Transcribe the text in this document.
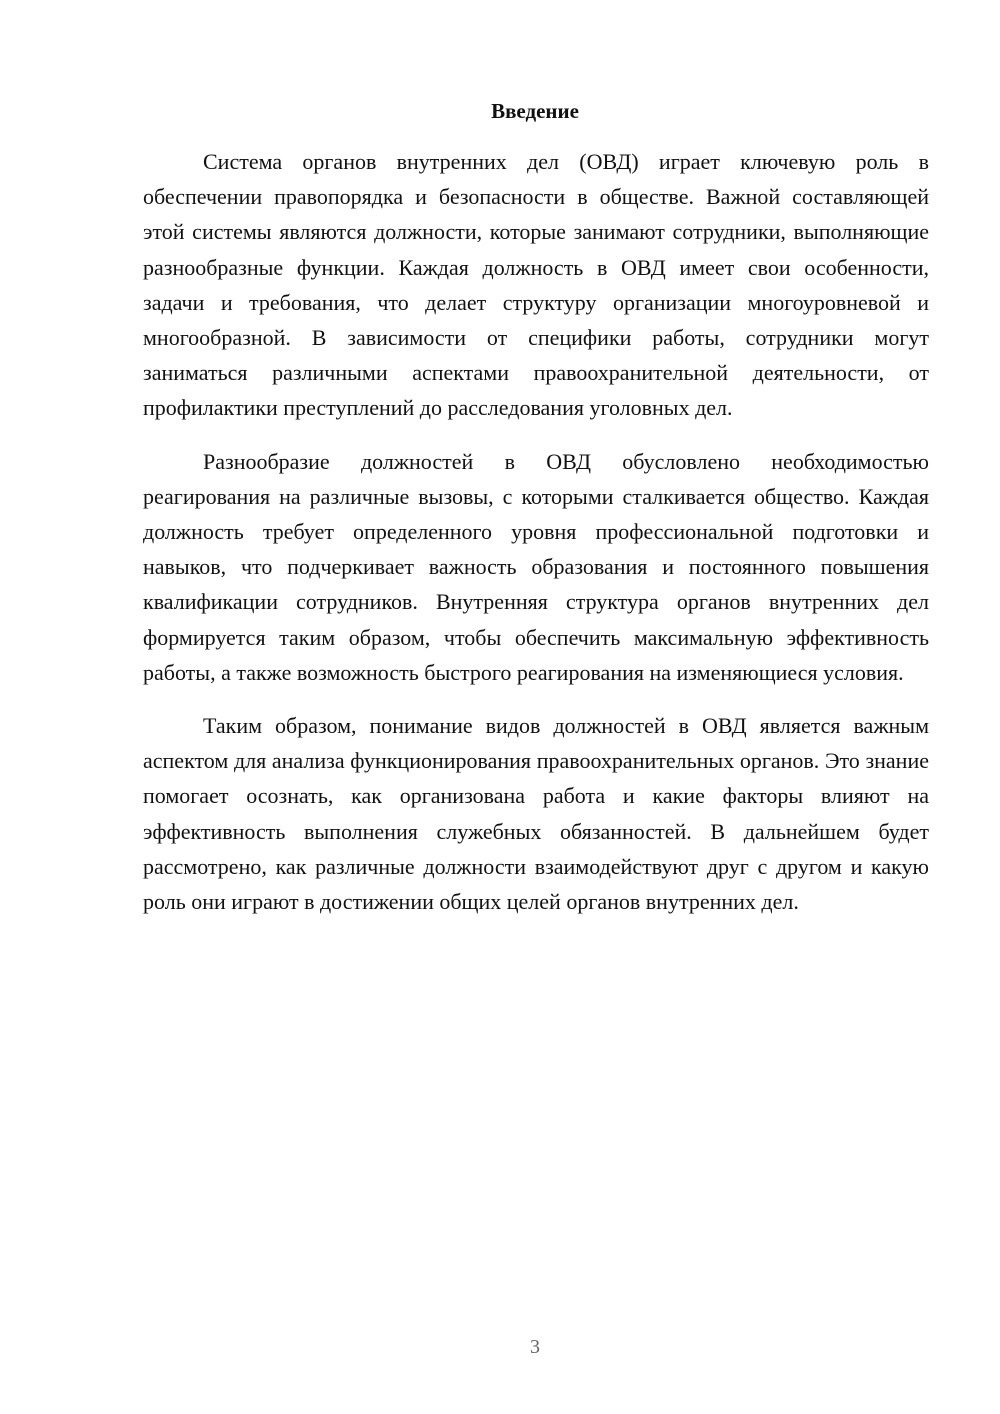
Введение

Система органов внутренних дел (ОВД) играет ключевую роль в обеспечении правопорядка и безопасности в обществе. Важной составляющей этой системы являются должности, которые занимают сотрудники, выполняющие разнообразные функции. Каждая должность в ОВД имеет свои особенности, задачи и требования, что делает структуру организации многоуровневой и многообразной. В зависимости от специфики работы, сотрудники могут заниматься различными аспектами правоохранительной деятельности, от профилактики преступлений до расследования уголовных дел.

Разнообразие должностей в ОВД обусловлено необходимостью реагирования на различные вызовы, с которыми сталкивается общество. Каждая должность требует определенного уровня профессиональной подготовки и навыков, что подчеркивает важность образования и постоянного повышения квалификации сотрудников. Внутренняя структура органов внутренних дел формируется таким образом, чтобы обеспечить максимальную эффективность работы, а также возможность быстрого реагирования на изменяющиеся условия.

Таким образом, понимание видов должностей в ОВД является важным аспектом для анализа функционирования правоохранительных органов. Это знание помогает осознать, как организована работа и какие факторы влияют на эффективность выполнения служебных обязанностей. В дальнейшем будет рассмотрено, как различные должности взаимодействуют друг с другом и какую роль они играют в достижении общих целей органов внутренних дел.

3
